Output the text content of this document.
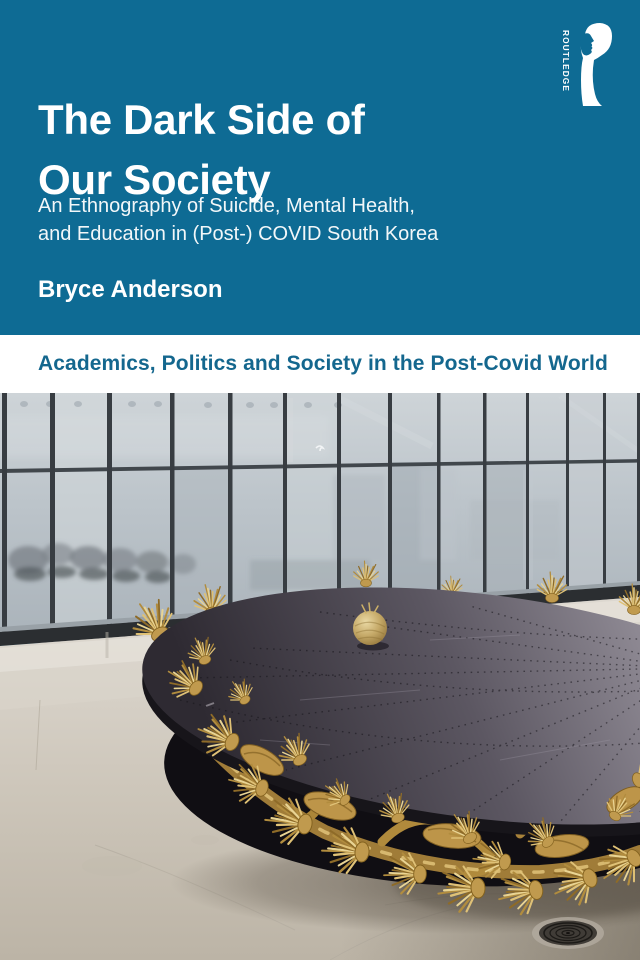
ROUTLEDGE
The Dark Side of
Our Society
An Ethnography of Suicide, Mental Health,
and Education in (Post-) COVID South Korea
Bryce Anderson
Academics, Politics and Society in the Post-Covid World
